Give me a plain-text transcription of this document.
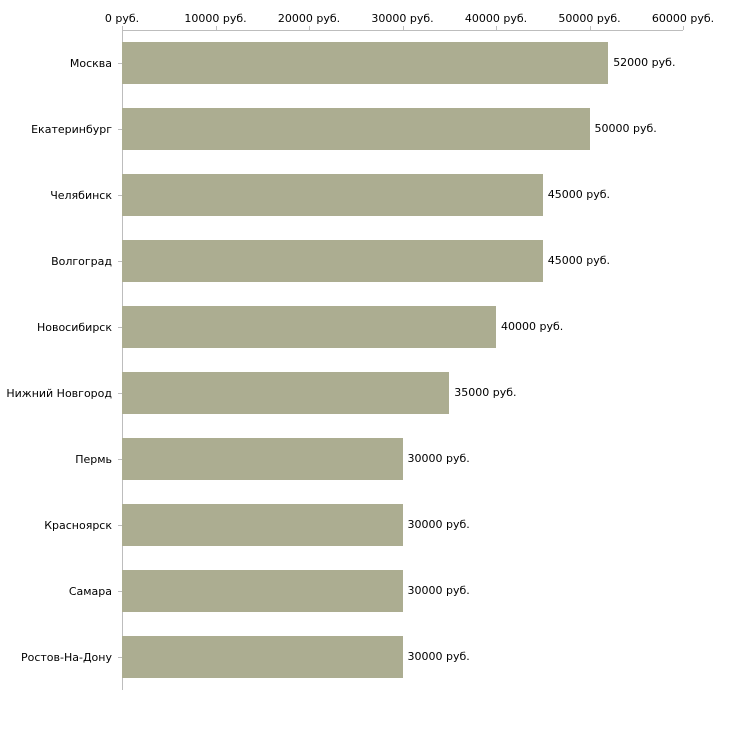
0 руб.	10000 руб.	20000 руб.	30000 руб.	40000 руб.	50000 руб.	60000 руб.
Москва
Екатеринбург
Челябинск
Волгоград
Новосибирск
Нижний Новгород
Пермь
Красноярск
Самара
Ростов-На-Дону
52000 руб.
50000 руб.
45000 руб.
45000 руб.
40000 руб.
35000 руб.
30000 руб.
30000 руб.
30000 руб.
30000 руб.
